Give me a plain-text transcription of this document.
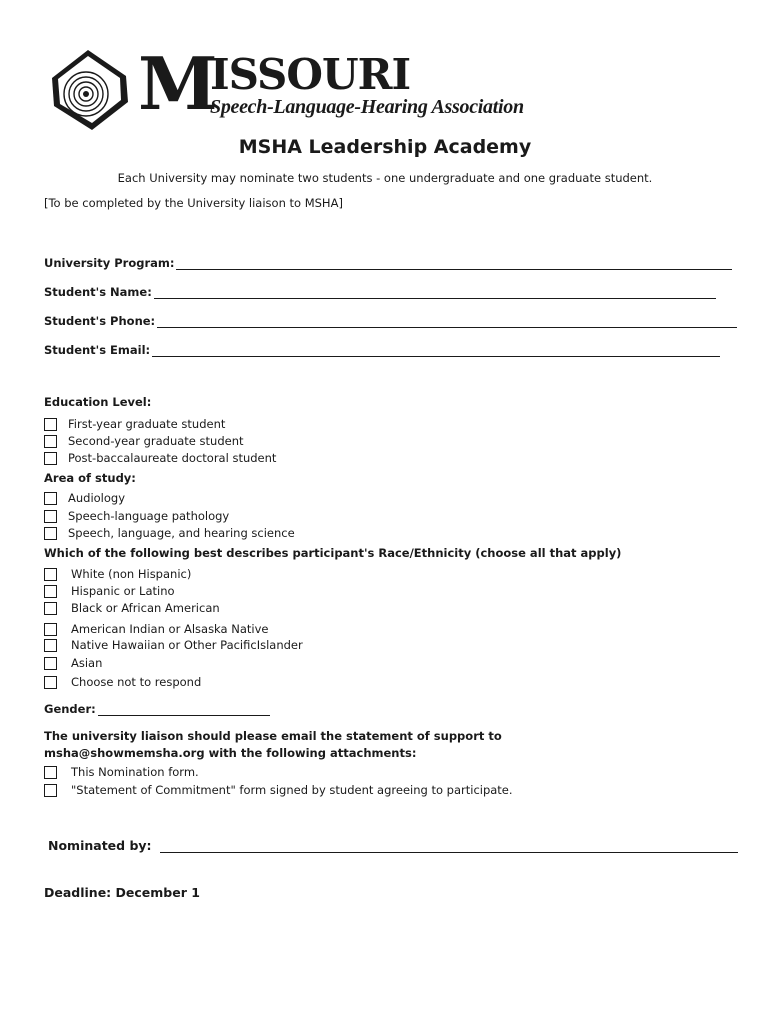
M
ISSOURI
Speech-Language-Hearing Association
MSHA Leadership Academy
Each University may nominate two students - one undergraduate and one graduate student.
[To be completed by the University liaison to MSHA]
University Program:
Student's Name:
Student's Phone:
Student's Email:
Education Level:
First-year graduate student
Second-year graduate student
Post-baccalaureate doctoral student
Area of study:
Audiology
Speech-language pathology
Speech, language, and hearing science
Which of the following best describes participant's Race/Ethnicity (choose all that apply)
White (non Hispanic)
Hispanic or Latino
Black or African American
American Indian or Alsaska Native
Native Hawaiian or Other PacificIslander
Asian
Choose not to respond
Gender:
The university liaison should please email the statement of support to msha@showmemsha.org with the following attachments:
This Nomination form.
"Statement of Commitment" form signed by student agreeing to participate.
Nominated by:
Deadline: December 1
